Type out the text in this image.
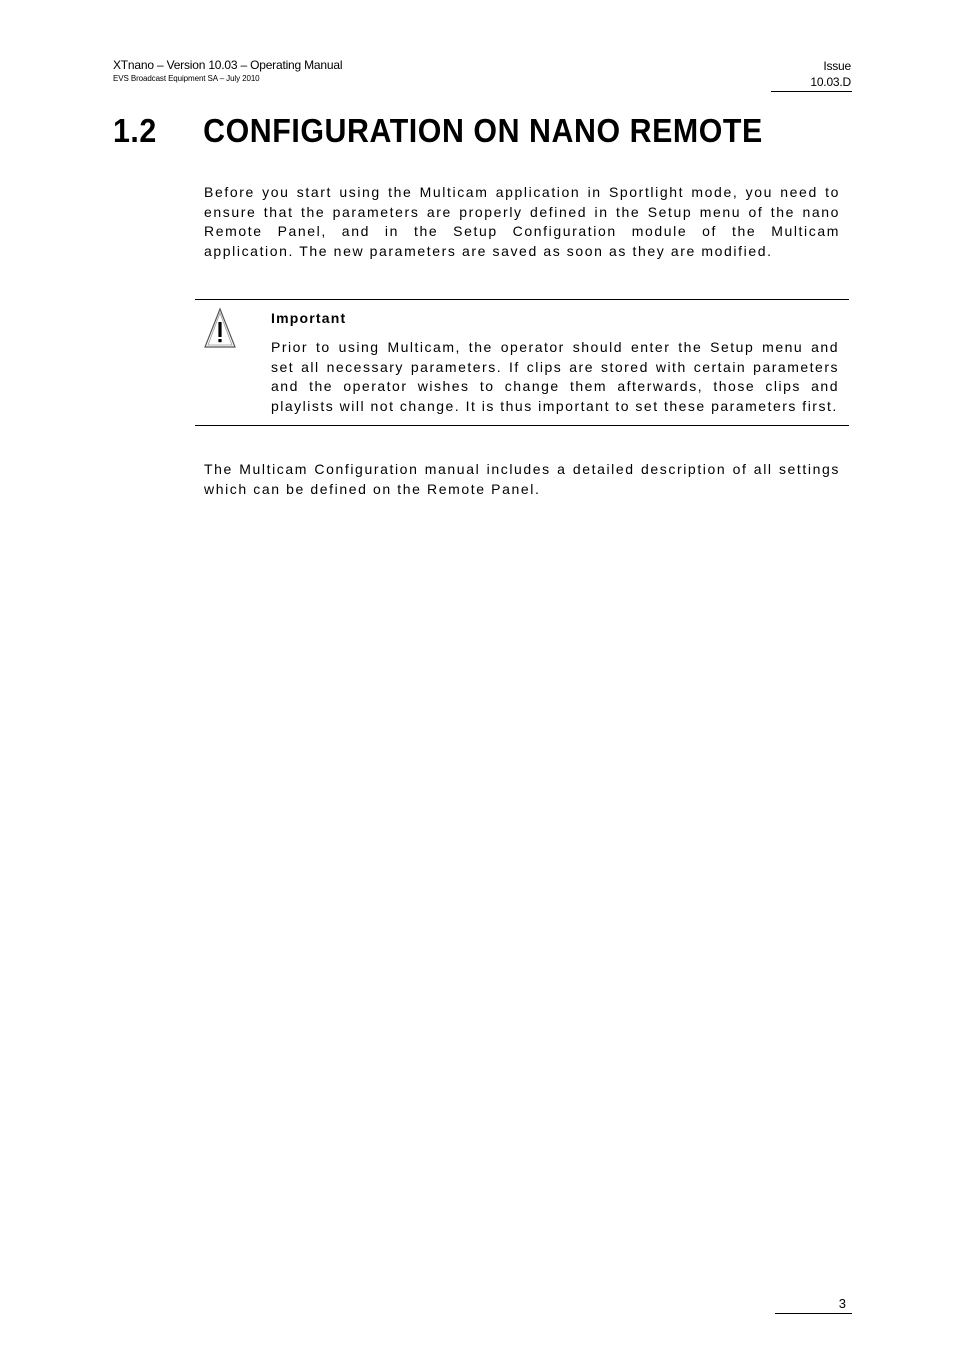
XTnano – Version 10.03 – Operating Manual
EVS Broadcast Equipment SA – July 2010
Issue
10.03.D
1.2 CONFIGURATION ON NANO REMOTE
Before you start using the Multicam application in Sportlight mode, you need to ensure that the parameters are properly defined in the Setup menu of the nano Remote Panel, and in the Setup Configuration module of the Multicam application. The new parameters are saved as soon as they are modified.
Important
Prior to using Multicam, the operator should enter the Setup menu and set all necessary parameters. If clips are stored with certain parameters and the operator wishes to change them afterwards, those clips and playlists will not change. It is thus important to set these parameters first.
The Multicam Configuration manual includes a detailed description of all settings which can be defined on the Remote Panel.
3
